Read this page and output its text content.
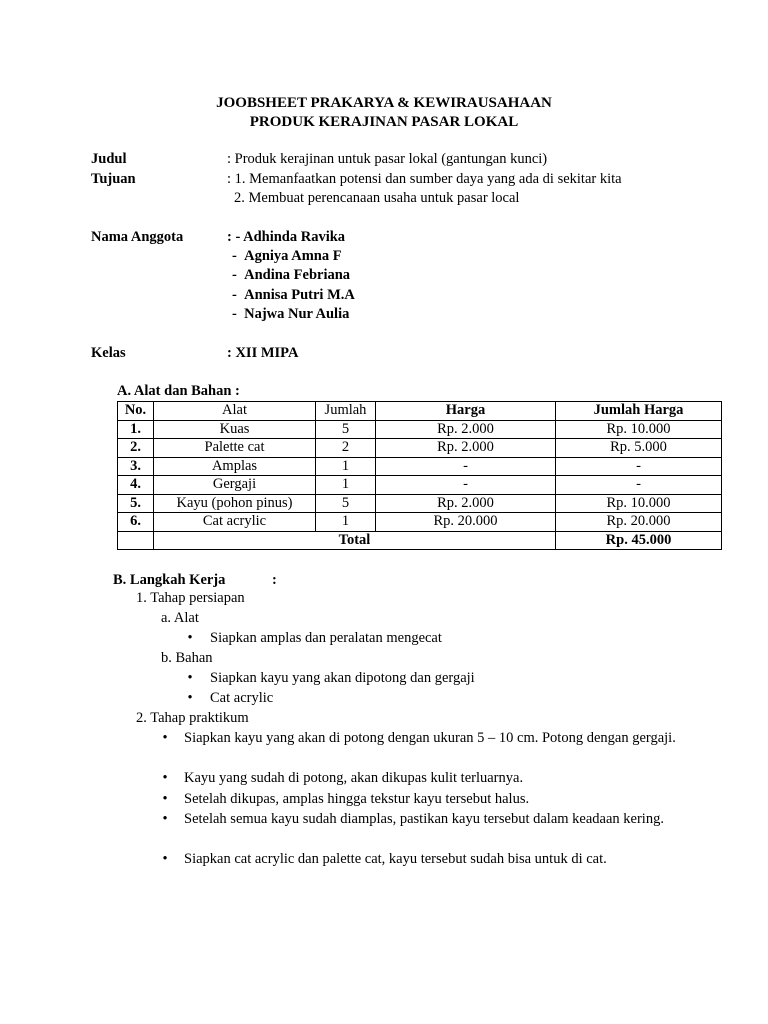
JOOBSHEET PRAKARYA & KEWIRAUSAHAAN
PRODUK KERAJINAN PASAR LOKAL
Judul	: Produk kerajinan untuk pasar lokal (gantungan kunci)
Tujuan	: 1. Memanfaatkan potensi dan sumber daya yang ada di sekitar kita
2. Membuat perencanaan usaha untuk pasar local
Nama Anggota	: - Adhinda Ravika
-  Agniya Amna F
-  Andina Febriana
-  Annisa Putri M.A
-  Najwa Nur Aulia
Kelas	: XII MIPA
A. Alat dan Bahan :
No.	Alat	Jumlah	Harga	Jumlah Harga
1.	Kuas	5	Rp. 2.000	Rp. 10.000
2.	Palette cat	2	Rp. 2.000	Rp. 5.000
3.	Amplas	1	-	-
4.	Gergaji	1	-	-
5.	Kayu (pohon pinus)	5	Rp. 2.000	Rp. 10.000
6.	Cat acrylic	1	Rp. 20.000	Rp. 20.000
	Total			Rp. 45.000
B. Langkah Kerja	:
1. Tahap persiapan
a. Alat
•
Siapkan amplas dan peralatan mengecat
b. Bahan
•
Siapkan kayu yang akan dipotong dan gergaji
•
Cat acrylic
2. Tahap praktikum
•
Siapkan kayu yang akan di potong dengan ukuran 5 – 10 cm. Potong dengan gergaji.
•
Kayu yang sudah di potong, akan dikupas kulit terluarnya.
•
Setelah dikupas, amplas hingga tekstur kayu tersebut halus.
•
Setelah semua kayu sudah diamplas, pastikan kayu tersebut dalam keadaan kering.
•
Siapkan cat acrylic dan palette cat, kayu tersebut sudah bisa untuk di cat.
